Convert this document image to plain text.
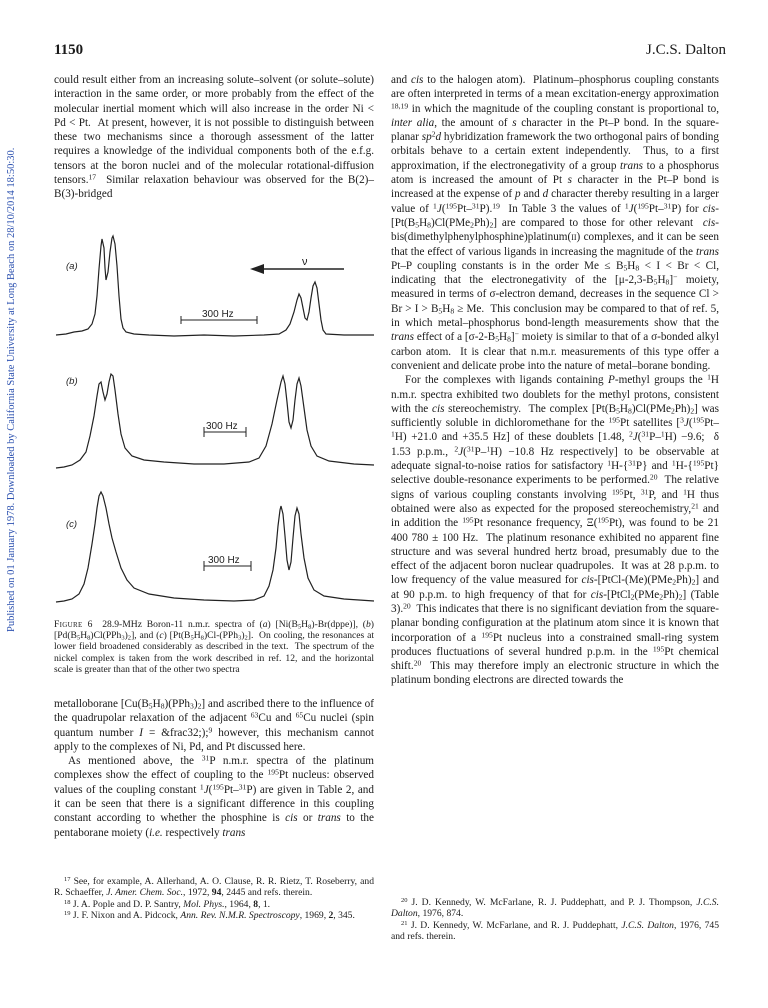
Published on 01 January 1978. Downloaded by California State University at Long Beach on 28/10/2014 18:50:30.
1150	J.C.S. Dalton
could result either from an increasing solute–solvent (or solute–solute) interaction in the same order, or more probably from the effect of the molecular inertial moment which will also increase in the order Ni < Pd < Pt.  At present, however, it is not possible to distinguish between these two mechanisms since a thorough assessment of the latter requires a knowledge of the individual components both of the e.f.g. tensors at the boron nuclei and of the molecular rotational-diffusion tensors.$^{17}$  Similar relaxation behaviour was observed for the B(2)–B(3)-bridged
ν
(a)
300 Hz
(b)
300 Hz
(c)
300 Hz
Figure 6  28.9-MHz Boron-11 n.m.r. spectra of (a) $[Ni(B_5H_8)-Br(dppe)]$, (b) $[Pd(B_5H_8)Cl(PPh_3)_2]$, and (c) $[Pt(B_5H_8)Cl-(PPh_3)_2]$.  On cooling, the resonances at lower field broadened considerably as described in the text.  The spectrum of the nickel complex is taken from the work described in ref. 12, and the horizontal scale is greater than that of the other two spectra

metalloborane $[Cu(B_5H_8)(PPh_3)_2]$ and ascribed there to the influence of the quadrupolar relaxation of the adjacent $^{63}$Cu and $^{65}$Cu nuclei (spin quantum number I = &frac32;);$^9$ however, this mechanism cannot apply to the complexes of Ni, Pd, and Pt discussed here.

As mentioned above, the $^{31}$P n.m.r. spectra of the platinum complexes show the effect of coupling to the $^{195}$Pt nucleus: observed values of the coupling constant $^1$J($^{195}$Pt–$^{31}$P) are given in Table 2, and it can be seen that there is a significant difference in this coupling constant according to whether the phosphine is cis or trans to the pentaborane moiety (i.e. respectively trans

$^{17}$ See, for example, A. Allerhand, A. O. Clause, R. R. Rietz, T. Roseberry, and R. Schaeffer, J. Amer. Chem. Soc., 1972, 94, 2445 and refs. therein.

$^{18}$ J. A. Pople and D. P. Santry, Mol. Phys., 1964, 8, 1.

$^{19}$ J. F. Nixon and A. Pidcock, Ann. Rev. N.M.R. Spectroscopy, 1969, 2, 345.

and cis to the halogen atom).  Platinum–phosphorus coupling constants are often interpreted in terms of a mean excitation-energy approximation $^{18,19}$ in which the magnitude of the coupling constant is proportional to, inter alia, the amount of s character in the Pt–P bond. In the square-planar $sp^2d$ hybridization framework the two orthogonal pairs of bonding orbitals behave to a certain extent independently.  Thus, to a first approximation, if the electronegativity of a group trans to a phosphorus atom is increased the amount of Pt s character in the Pt–P bond is increased at the expense of p and d character thereby resulting in a larger value of $^1$J($^{195}$Pt–$^{31}$P).$^{19}$  In Table 3 the values of $^1$J($^{195}$Pt–$^{31}$P) for cis-$[Pt(B_5H_8)Cl(PMe_2Ph)_2]$ are compared to those for other relevant  cis-bis(dimethylphenylphosphine)platinum(ii) complexes, and it can be seen that the effect of various ligands in increasing the magnitude of the trans Pt–P coupling constants is in the order $Me \le B_5H_8 < I < Br < Cl$, indicating that the electronegativity of the $[\mu-2,3-B_5H_8]^-$ moiety, measured in terms of σ-electron demand, decreases in the sequence $Cl > Br > I > B_5H_8 \ge Me$.  This conclusion may be compared to that of ref. 5, in which metal–phosphorus bond-length measurements show that the trans effect of a $[\sigma-2-B_5H_8]^-$ moiety is similar to that of a σ-bonded alkyl carbon atom.  It is clear that n.m.r. measurements of this type offer a convenient and delicate probe into the nature of metal–borane bonding.

For the complexes with ligands containing P-methyl groups the $^1$H n.m.r. spectra exhibited two doublets for the methyl protons, consistent with the cis stereochemistry.  The complex $[Pt(B_5H_8)Cl(PMe_2Ph)_2]$ was sufficiently soluble in dichloromethane for the $^{195}$Pt satellites [$^3$J($^{195}$Pt–$^1$H) +21.0 and +35.5 Hz] of these doublets [1.48, $^2$J($^{31}$P–$^1$H) −9.6;  δ 1.53 p.p.m., $^2$J($^{31}$P–$^1$H) −10.8 Hz respectively] to be observable at adequate signal-to-noise ratios for satisfactory $^1$H-{$^{31}$P} and $^1$H-{$^{195}$Pt} selective double-resonance experiments to be performed.$^{20}$  The relative signs of various coupling constants involving $^{195}$Pt, $^{31}$P, and $^1$H thus obtained were also as expected for the proposed stereochemistry,$^{21}$ and in addition the $^{195}$Pt resonance frequency, Ξ($^{195}$Pt), was found to be 21 400 780 ± 100 Hz.  The platinum resonance exhibited no apparent fine structure and was several hundred hertz broad, presumably due to the effect of the adjacent boron nuclear quadrupoles.  It was at 28 p.p.m. to low frequency of the value measured for cis-$[PtCl-(Me)(PMe_2Ph)_2]$ and at 90 p.p.m. to high frequency of that for cis-$[PtCl_2(PMe_2Ph)_2]$ (Table 3).$^{20}$  This indicates that there is no significant deviation from the square-planar bonding configuration at the platinum atom since it is known that incorporation of a $^{195}$Pt nucleus into a constrained small-ring system produces fluctuations of several hundred p.p.m. in the $^{195}$Pt chemical shift.$^{20}$  This may therefore imply an electronic structure in which the platinum bonding electrons are directed towards the

$^{20}$ J. D. Kennedy, W. McFarlane, R. J. Puddephatt, and P. J. Thompson, J.C.S. Dalton, 1976, 874.

$^{21}$ J. D. Kennedy, W. McFarlane, and R. J. Puddephatt, J.C.S. Dalton, 1976, 745 and refs. therein.
